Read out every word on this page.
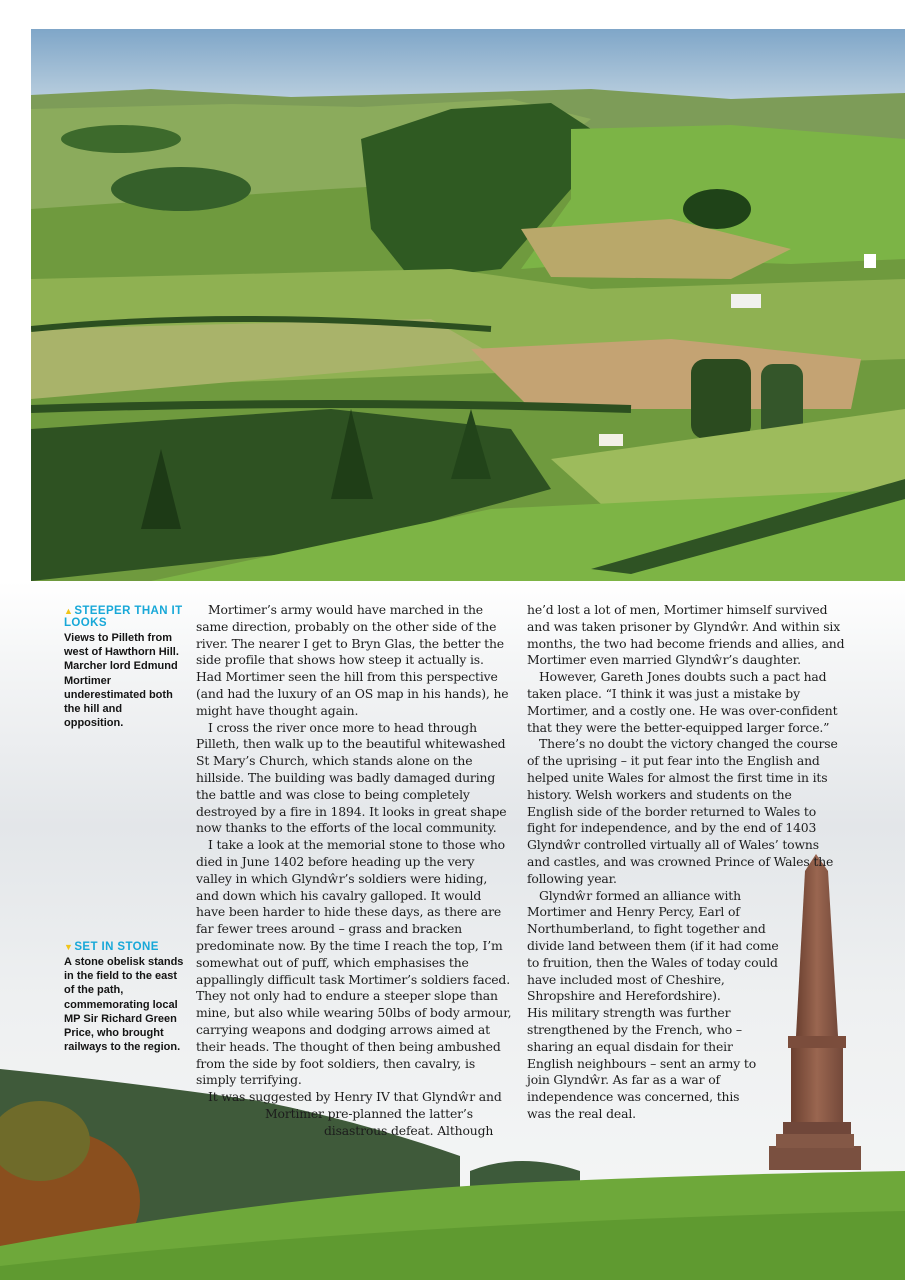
▲STEEPER THAN IT LOOKS
Views to Pilleth from west of Hawthorn Hill. Marcher lord Edmund Mortimer underestimated both the hill and opposition.
▼SET IN STONE
A stone obelisk stands in the field to the east of the path, commemorating local MP Sir Richard Green Price, who brought railways to the region.

Mortimer’s army would have marched in the same direction, probably on the other side of the river. The nearer I get to Bryn Glas, the better the side profile that shows how steep it actually is. Had Mortimer seen the hill from this perspective (and had the luxury of an OS map in his hands), he might have thought again.

I cross the river once more to head through Pilleth, then walk up to the beautiful whitewashed St Mary’s Church, which stands alone on the hillside. The building was badly damaged during the battle and was close to being completely destroyed by a fire in 1894. It looks in great shape now thanks to the efforts of the local community.

I take a look at the memorial stone to those who died in June 1402 before heading up the very valley in which Glyndŵr’s soldiers were hiding, and down which his cavalry galloped. It would have been harder to hide these days, as there are far fewer trees around – grass and bracken predominate now. By the time I reach the top, I’m somewhat out of puff, which emphasises the appallingly difficult task Mortimer’s soldiers faced. They not only had to endure a steeper slope than mine, but also while wearing 50lbs of body armour, carrying weapons and dodging arrows aimed at their heads. The thought of then being ambushed from the side by foot soldiers, then cavalry, is simply terrifying.

It was suggested by Henry IV that Glyndŵr and

Mortimer pre-planned the latter’s

disastrous defeat. Although

he’d lost a lot of men, Mortimer himself survived and was taken prisoner by Glyndŵr. And within six months, the two had become friends and allies, and Mortimer even married Glyndŵr’s daughter.

However, Gareth Jones doubts such a pact had taken place. “I think it was just a mistake by Mortimer, and a costly one. He was over-confident that they were the better-equipped larger force.”

There’s no doubt the victory changed the course of the uprising – it put fear into the English and helped unite Wales for almost the first time in its history. Welsh workers and students on the English side of the border returned to Wales to fight for independence, and by the end of 1403 Glyndŵr controlled virtually all of Wales’ towns and castles, and was crowned Prince of Wales the following year.

Glyndŵr formed an alliance with Mortimer and Henry Percy, Earl of Northumberland, to fight together and divide land between them (if it had come to fruition, then the Wales of today could have included most of Cheshire, Shropshire and Herefordshire).

His military strength was further strengthened by the French, who – sharing an equal disdain for their English neighbours – sent an army to join Glyndŵr. As far as a war of independence was concerned, this was the real deal.
